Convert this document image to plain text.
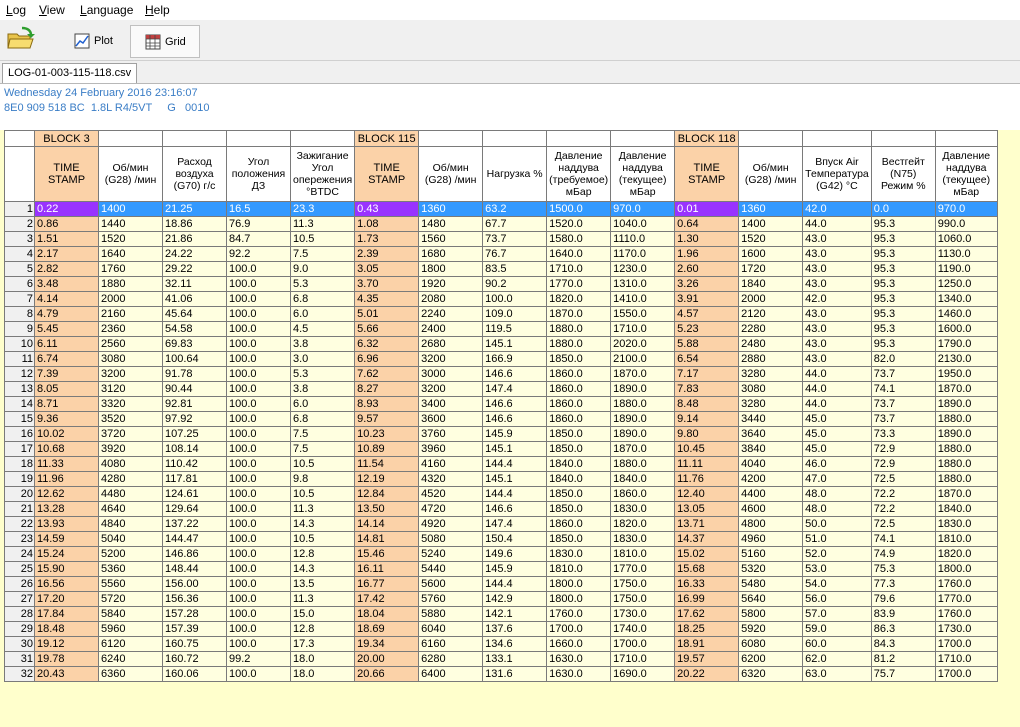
Log View Language Help
Plot	Grid
LOG-01-003-115-118.csv
Wednesday 24 February 2016 23:16:07
8E0 909 518 BC  1.8L R4/5VT     G   0010
	BLOCK 3					BLOCK 115					BLOCK 118				
	TIME STAMP	Об/мин (G28) /мин	Расход воздуха (G70) г/с	Угол положения ДЗ	Зажигание Угол опережения °BTDC	TIME STAMP	Об/мин (G28) /мин	Нагрузка %	Давление наддува (требуемое) мБар	Давление наддува (текущее) мБар	TIME STAMP	Об/мин (G28) /мин	Впуск Air Температура (G42) °C	Вестгейт (N75) Режим %	Давление наддува (текущее) мБар
1	0.22	1400	21.25	16.5	23.3	0.43	1360	63.2	1500.0	970.0	0.01	1360	42.0	0.0	970.0
2	0.86	1440	18.86	76.9	11.3	1.08	1480	67.7	1520.0	1040.0	0.64	1400	44.0	95.3	990.0
3	1.51	1520	21.86	84.7	10.5	1.73	1560	73.7	1580.0	1110.0	1.30	1520	43.0	95.3	1060.0
4	2.17	1640	24.22	92.2	7.5	2.39	1680	76.7	1640.0	1170.0	1.96	1600	43.0	95.3	1130.0
5	2.82	1760	29.22	100.0	9.0	3.05	1800	83.5	1710.0	1230.0	2.60	1720	43.0	95.3	1190.0
6	3.48	1880	32.11	100.0	5.3	3.70	1920	90.2	1770.0	1310.0	3.26	1840	43.0	95.3	1250.0
7	4.14	2000	41.06	100.0	6.8	4.35	2080	100.0	1820.0	1410.0	3.91	2000	42.0	95.3	1340.0
8	4.79	2160	45.64	100.0	6.0	5.01	2240	109.0	1870.0	1550.0	4.57	2120	43.0	95.3	1460.0
9	5.45	2360	54.58	100.0	4.5	5.66	2400	119.5	1880.0	1710.0	5.23	2280	43.0	95.3	1600.0
10	6.11	2560	69.83	100.0	3.8	6.32	2680	145.1	1880.0	2020.0	5.88	2480	43.0	95.3	1790.0
11	6.74	3080	100.64	100.0	3.0	6.96	3200	166.9	1850.0	2100.0	6.54	2880	43.0	82.0	2130.0
12	7.39	3200	91.78	100.0	5.3	7.62	3000	146.6	1860.0	1870.0	7.17	3280	44.0	73.7	1950.0
13	8.05	3120	90.44	100.0	3.8	8.27	3200	147.4	1860.0	1890.0	7.83	3080	44.0	74.1	1870.0
14	8.71	3320	92.81	100.0	6.0	8.93	3400	146.6	1860.0	1880.0	8.48	3280	44.0	73.7	1890.0
15	9.36	3520	97.92	100.0	6.8	9.57	3600	146.6	1860.0	1890.0	9.14	3440	45.0	73.7	1880.0
16	10.02	3720	107.25	100.0	7.5	10.23	3760	145.9	1850.0	1890.0	9.80	3640	45.0	73.3	1890.0
17	10.68	3920	108.14	100.0	7.5	10.89	3960	145.1	1850.0	1870.0	10.45	3840	45.0	72.9	1880.0
18	11.33	4080	110.42	100.0	10.5	11.54	4160	144.4	1840.0	1880.0	11.11	4040	46.0	72.9	1880.0
19	11.96	4280	117.81	100.0	9.8	12.19	4320	145.1	1840.0	1840.0	11.76	4200	47.0	72.5	1880.0
20	12.62	4480	124.61	100.0	10.5	12.84	4520	144.4	1850.0	1860.0	12.40	4400	48.0	72.2	1870.0
21	13.28	4640	129.64	100.0	11.3	13.50	4720	146.6	1850.0	1830.0	13.05	4600	48.0	72.2	1840.0
22	13.93	4840	137.22	100.0	14.3	14.14	4920	147.4	1860.0	1820.0	13.71	4800	50.0	72.5	1830.0
23	14.59	5040	144.47	100.0	10.5	14.81	5080	150.4	1850.0	1830.0	14.37	4960	51.0	74.1	1810.0
24	15.24	5200	146.86	100.0	12.8	15.46	5240	149.6	1830.0	1810.0	15.02	5160	52.0	74.9	1820.0
25	15.90	5360	148.44	100.0	14.3	16.11	5440	145.9	1810.0	1770.0	15.68	5320	53.0	75.3	1800.0
26	16.56	5560	156.00	100.0	13.5	16.77	5600	144.4	1800.0	1750.0	16.33	5480	54.0	77.3	1760.0
27	17.20	5720	156.36	100.0	11.3	17.42	5760	142.9	1800.0	1750.0	16.99	5640	56.0	79.6	1770.0
28	17.84	5840	157.28	100.0	15.0	18.04	5880	142.1	1760.0	1730.0	17.62	5800	57.0	83.9	1760.0
29	18.48	5960	157.39	100.0	12.8	18.69	6040	137.6	1700.0	1740.0	18.25	5920	59.0	86.3	1730.0
30	19.12	6120	160.75	100.0	17.3	19.34	6160	134.6	1660.0	1700.0	18.91	6080	60.0	84.3	1700.0
31	19.78	6240	160.72	99.2	18.0	20.00	6280	133.1	1630.0	1710.0	19.57	6200	62.0	81.2	1710.0
32	20.43	6360	160.06	100.0	18.0	20.66	6400	131.6	1630.0	1690.0	20.22	6320	63.0	75.7	1700.0
